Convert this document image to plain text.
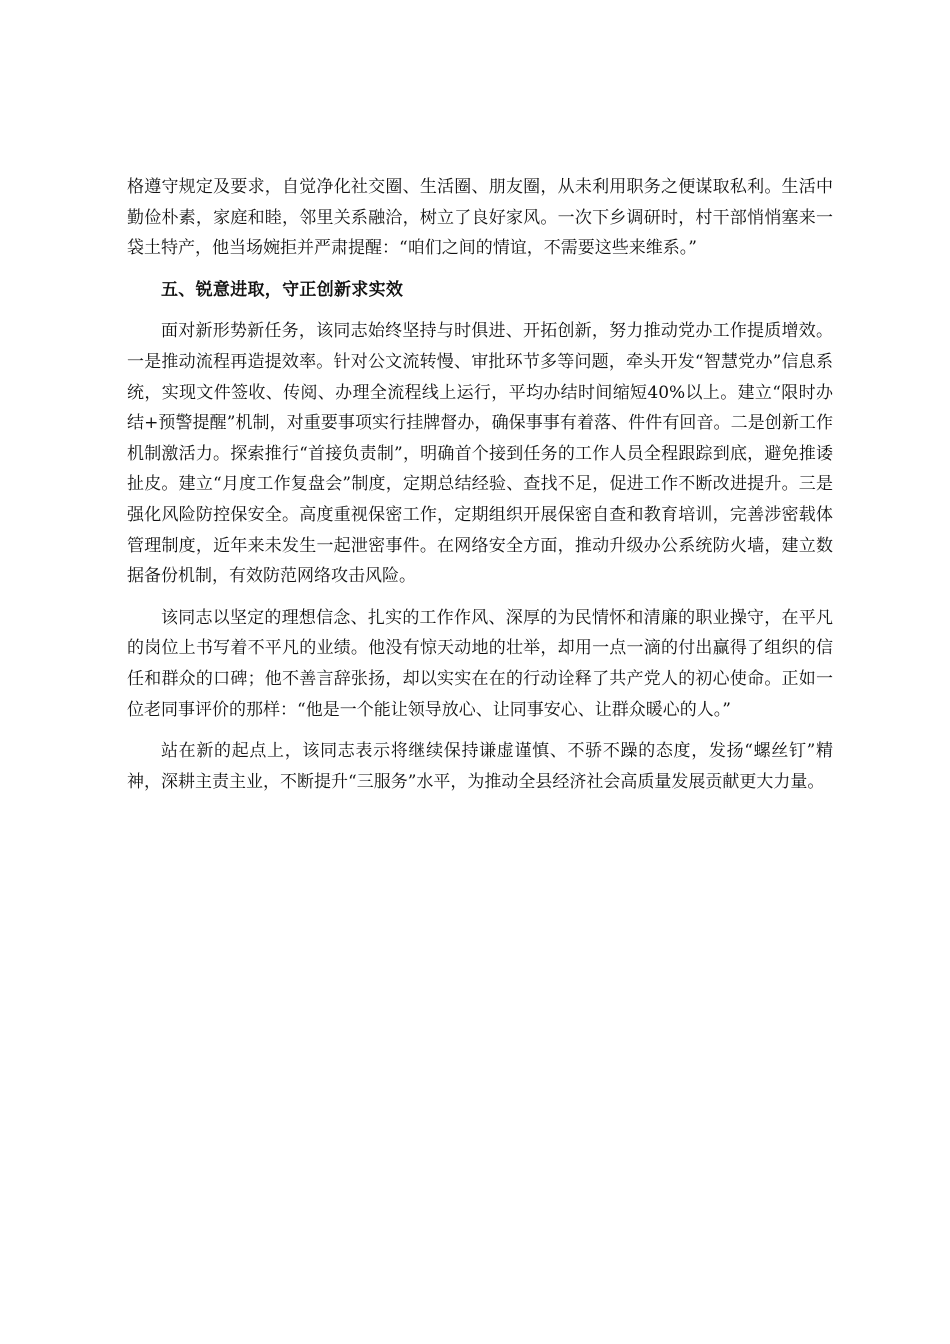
格遵守规定及要求，自觉净化社交圈、生活圈、朋友圈，从未利用职务之便谋取私利。生活中勤俭朴素，家庭和睦，邻里关系融洽，树立了良好家风。一次下乡调研时，村干部悄悄塞来一袋土特产，他当场婉拒并严肃提醒：“咱们之间的情谊，不需要这些来维系。”

五、锐意进取，守正创新求实效

面对新形势新任务，该同志始终坚持与时俱进、开拓创新，努力推动党办工作提质增效。一是推动流程再造提效率。针对公文流转慢、审批环节多等问题，牵头开发“智慧党办”信息系统，实现文件签收、传阅、办理全流程线上运行，平均办结时间缩短40%以上。建立“限时办结+预警提醒”机制，对重要事项实行挂牌督办，确保事事有着落、件件有回音。二是创新工作机制激活力。探索推行“首接负责制”，明确首个接到任务的工作人员全程跟踪到底，避免推诿扯皮。建立“月度工作复盘会”制度，定期总结经验、查找不足，促进工作不断改进提升。三是强化风险防控保安全。高度重视保密工作，定期组织开展保密自查和教育培训，完善涉密载体管理制度，近年来未发生一起泄密事件。在网络安全方面，推动升级办公系统防火墙，建立数据备份机制，有效防范网络攻击风险。

该同志以坚定的理想信念、扎实的工作作风、深厚的为民情怀和清廉的职业操守，在平凡的岗位上书写着不平凡的业绩。他没有惊天动地的壮举，却用一点一滴的付出赢得了组织的信任和群众的口碑；他不善言辞张扬，却以实实在在的行动诠释了共产党人的初心使命。正如一位老同事评价的那样：“他是一个能让领导放心、让同事安心、让群众暖心的人。”

站在新的起点上，该同志表示将继续保持谦虚谨慎、不骄不躁的态度，发扬“螺丝钉”精神，深耕主责主业，不断提升“三服务”水平，为推动全县经济社会高质量发展贡献更大力量。
